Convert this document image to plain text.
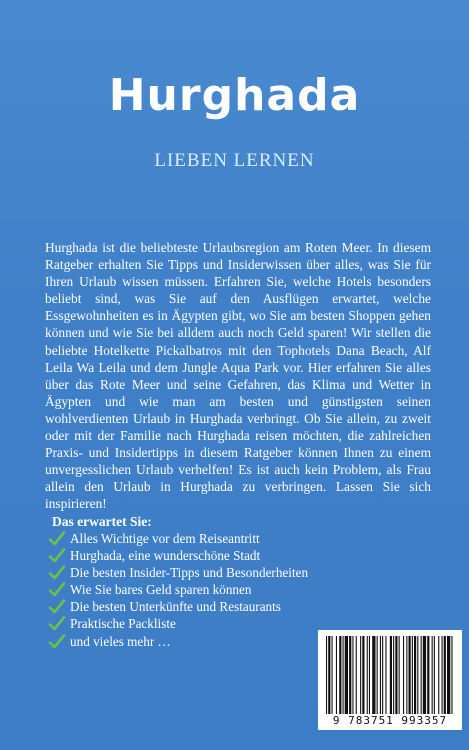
Hurghada
LIEBEN LERNEN
Hurghada ist die beliebteste Urlaubsregion am Roten Meer. In diesem Ratgeber erhalten Sie Tipps und Insiderwissen über alles, was Sie für Ihren Urlaub wissen müssen. Erfahren Sie, welche Hotels besonders beliebt sind, was Sie auf den Ausflügen erwartet, welche Essgewohnheiten es in Ägypten gibt, wo Sie am besten Shoppen gehen können und wie Sie bei alldem auch noch Geld sparen! Wir stellen die beliebte Hotelkette Pickalbatros mit den Tophotels Dana Beach, Alf Leila Wa Leila und dem Jungle Aqua Park vor. Hier erfahren Sie alles über das Rote Meer und seine Gefahren, das Klima und Wetter in Ägypten und wie man am besten und günstigsten seinen wohlverdienten Urlaub in Hurghada verbringt. Ob Sie allein, zu zweit oder mit der Familie nach Hurghada reisen möchten, die zahlreichen Praxis- und Insidertipps in diesem Ratgeber können Ihnen zu einem unvergesslichen Urlaub verhelfen! Es ist auch kein Problem, als Frau allein den Urlaub in Hurghada zu verbringen. Lassen Sie sich inspirieren!
Das erwartet Sie:
Alles Wichtige vor dem Reiseantritt
Hurghada, eine wunderschöne Stadt
Die besten Insider-Tipps und Besonderheiten
Wie Sie bares Geld sparen können
Die besten Unterkünfte und Restaurants
Praktische Packliste
und vieles mehr …
9 783751 993357
